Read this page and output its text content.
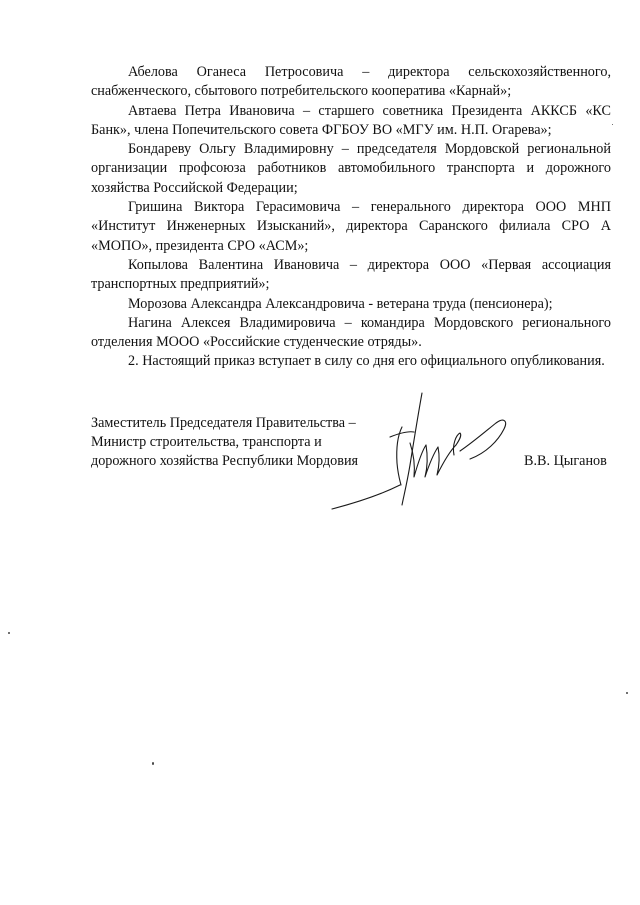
Абелова Оганеса Петросовича – директора сельскохозяйственного, снабженческого, сбытового потребительского кооператива «Карнай»;

Автаева Петра Ивановича – старшего советника Президента АККСБ «КС Банк», члена Попечительского совета ФГБОУ ВО «МГУ им. Н.П. Огарева»;

Бондареву Ольгу Владимировну – председателя Мордовской региональной организации профсоюза работников автомобильного транспорта и дорожного хозяйства Российской Федерации;

Гришина Виктора Герасимовича – генерального директора ООО МНП «Институт Инженерных Изысканий», директора Саранского филиала СРО А «МОПО», президента СРО «АСМ»;

Копылова Валентина Ивановича – директора ООО «Первая ассоциация транспортных предприятий»;

Морозова Александра Александровича - ветерана труда (пенсионера);

Нагина Алексея Владимировича – командира Мордовского регионального отделения МООО «Российские студенческие отряды».

2. Настоящий приказ вступает в силу со дня его официального опубликования.

Заместитель Председателя Правительства –
Министр строительства, транспорта и
дорожного хозяйства Республики Мордовия	В.В. Цыганов
